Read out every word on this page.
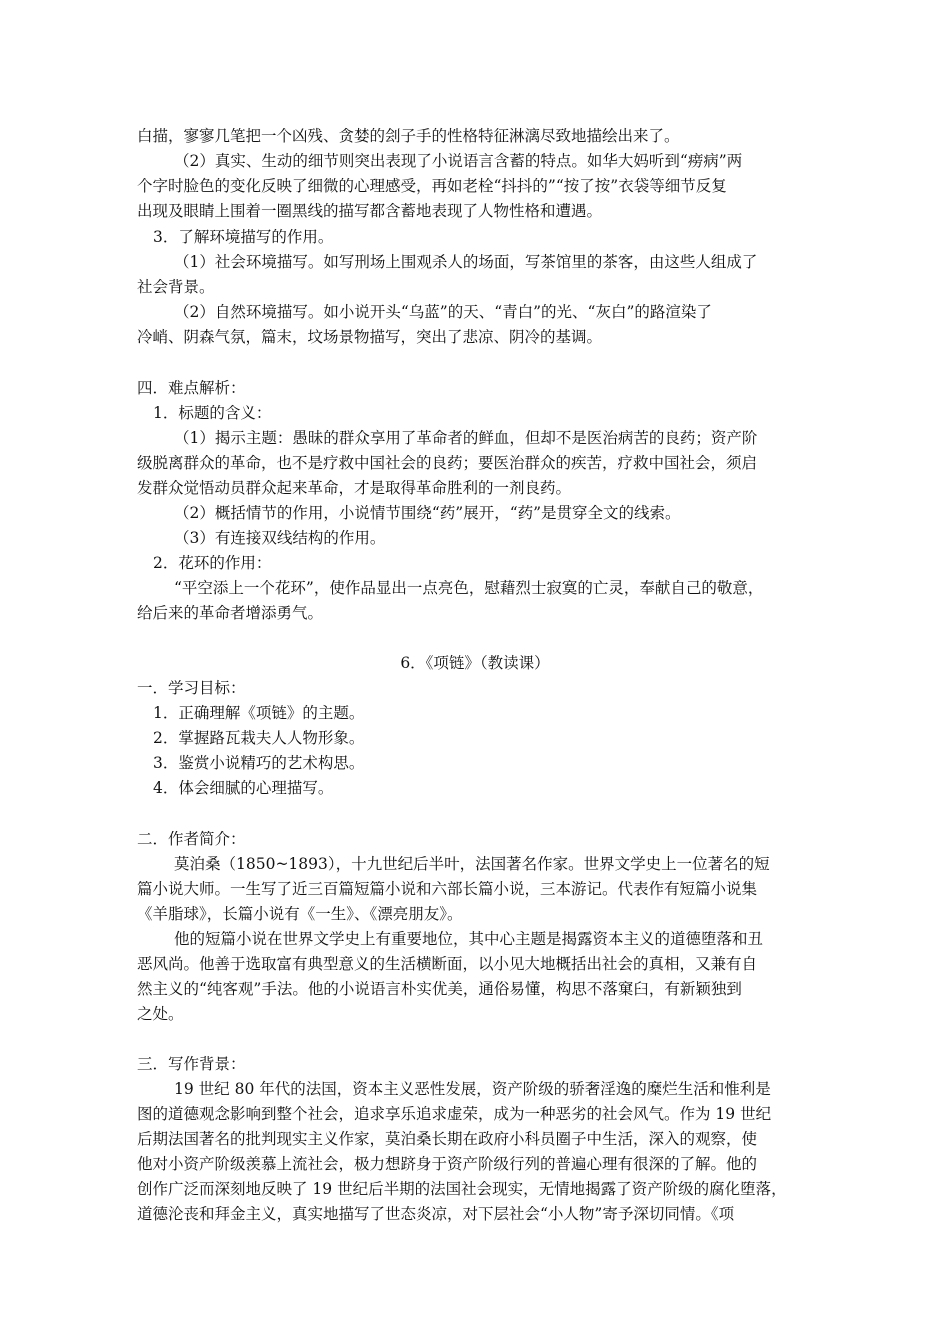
白描，寥寥几笔把一个凶残、贪婪的刽子手的性格特征淋漓尽致地描绘出来了。
（2）真实、生动的细节则突出表现了小说语言含蓄的特点。如华大妈听到“痨病”两
个字时脸色的变化反映了细微的心理感受，再如老栓“抖抖的”“按了按”衣袋等细节反复
出现及眼睛上围着一圈黑线的描写都含蓄地表现了人物性格和遭遇。
3．了解环境描写的作用。
（1）社会环境描写。如写刑场上围观杀人的场面，写茶馆里的茶客，由这些人组成了
社会背景。
（2）自然环境描写。如小说开头“乌蓝”的天、“青白”的光、“灰白”的路渲染了
冷峭、阴森气氛，篇末，坟场景物描写，突出了悲凉、阴冷的基调。
四．难点解析：
1．标题的含义：
（1）揭示主题：愚昧的群众享用了革命者的鲜血，但却不是医治病苦的良药；资产阶
级脱离群众的革命，也不是疗救中国社会的良药；要医治群众的疾苦，疗救中国社会，须启
发群众觉悟动员群众起来革命，才是取得革命胜利的一剂良药。
（2）概括情节的作用，小说情节围绕“药”展开，“药”是贯穿全文的线索。
（3）有连接双线结构的作用。
2．花环的作用：
“平空添上一个花环”，使作品显出一点亮色，慰藉烈士寂寞的亡灵，奉献自己的敬意，
给后来的革命者增添勇气。
6．《项链》（教读课）
一．学习目标：
1．正确理解《项链》的主题。
2．掌握路瓦栽夫人人物形象。
3．鉴赏小说精巧的艺术构思。
4．体会细腻的心理描写。
二．作者简介：
莫泊桑（1850~1893），十九世纪后半叶，法国著名作家。世界文学史上一位著名的短
篇小说大师。一生写了近三百篇短篇小说和六部长篇小说，三本游记。代表作有短篇小说集
《羊脂球》，长篇小说有《一生》、《漂亮朋友》。
他的短篇小说在世界文学史上有重要地位，其中心主题是揭露资本主义的道德堕落和丑
恶风尚。他善于选取富有典型意义的生活横断面，以小见大地概括出社会的真相，又兼有自
然主义的“纯客观”手法。他的小说语言朴实优美，通俗易懂，构思不落窠臼，有新颖独到
之处。
三．写作背景：
19 世纪 80 年代的法国，资本主义恶性发展，资产阶级的骄奢淫逸的糜烂生活和惟利是
图的道德观念影响到整个社会，追求享乐追求虚荣，成为一种恶劣的社会风气。作为 19 世纪
后期法国著名的批判现实主义作家，莫泊桑长期在政府小科员圈子中生活，深入的观察，使
他对小资产阶级羡慕上流社会，极力想跻身于资产阶级行列的普遍心理有很深的了解。他的
创作广泛而深刻地反映了 19 世纪后半期的法国社会现实，无情地揭露了资产阶级的腐化堕落，
道德沦丧和拜金主义，真实地描写了世态炎凉，对下层社会“小人物”寄予深切同情。《项
